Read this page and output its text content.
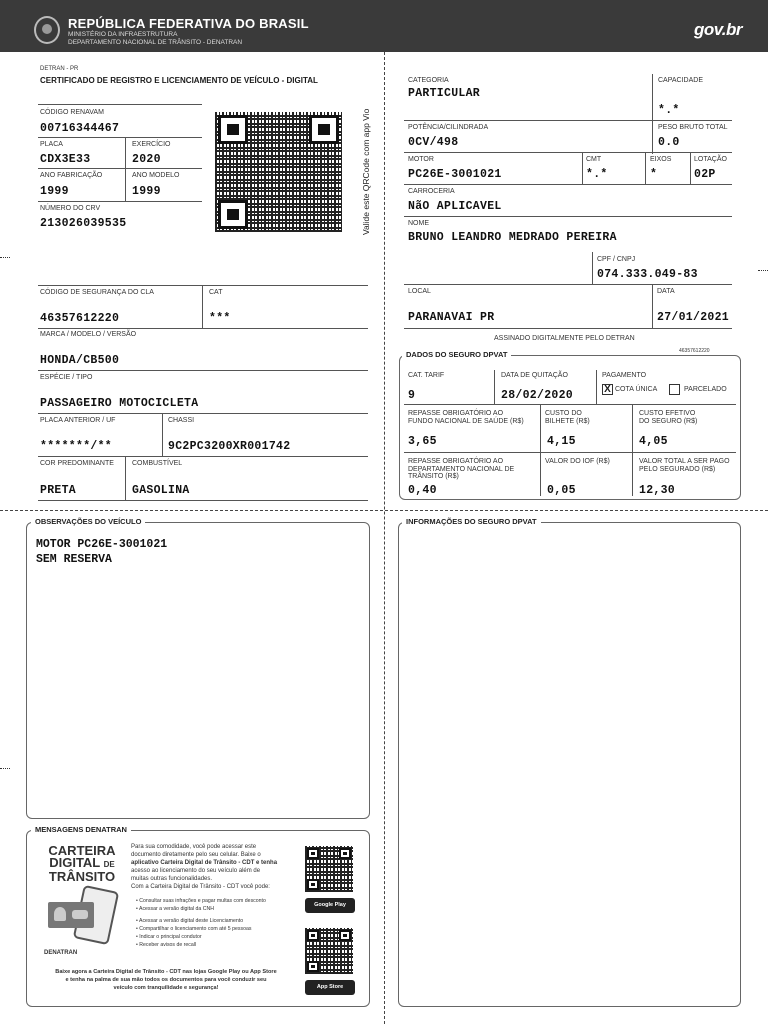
REPÚBLICA FEDERATIVA DO BRASIL
MINISTÉRIO DA INFRAESTRUTURA
DEPARTAMENTO NACIONAL DE TRÂNSITO - DENATRAN
gov.br
DETRAN - PR
CERTIFICADO DE REGISTRO E LICENCIAMENTO DE VEÍCULO - DIGITAL
CÓDIGO RENAVAM
00716344467
PLACA
CDX3E33
EXERCÍCIO
2020
ANO FABRICAÇÃO
1999
ANO MODELO
1999
NÚMERO DO CRV
213026039535	Valide este QRCode com app Vio
CÓDIGO DE SEGURANÇA DO CLA
46357612220
CAT
***
MARCA / MODELO / VERSÃO
HONDA/CB500
ESPÉCIE / TIPO
PASSAGEIRO MOTOCICLETA
PLACA ANTERIOR / UF
*******/**
CHASSI
9C2PC3200XR001742
COR PREDOMINANTE
PRETA
COMBUSTÍVEL
GASOLINA
CATEGORIA
PARTICULAR
CAPACIDADE
*.*
POTÊNCIA/CILINDRADA
0CV/498
PESO BRUTO TOTAL
0.0
MOTOR
PC26E-3001021
CMT
*.*
EIXOS
*
LOTAÇÃO
02P
CARROCERIA
NãO APLICAVEL
NOME
BRUNO LEANDRO MEDRADO PEREIRA
CPF / CNPJ
074.333.049-83
LOCAL
PARANAVAI PR
DATA
27/01/2021
ASSINADO DIGITALMENTE PELO DETRAN
46357612220
DADOS DO SEGURO DPVAT
CAT. TARIF
9
DATA DE QUITAÇÃO
28/02/2020
PAGAMENTO
X COTA ÚNICA	PARCELADO
REPASSE OBRIGATÓRIO AO
FUNDO NACIONAL DE SAÚDE (R$)
3,65
CUSTO DO
BILHETE (R$)
4,15
CUSTO EFETIVO
DO SEGURO (R$)
4,05
REPASSE OBRIGATÓRIO AO
DEPARTAMENTO NACIONAL DE
TRÂNSITO (R$)
0,40
VALOR DO IOF (R$)
0,05
VALOR TOTAL A SER PAGO
PELO SEGURADO (R$)
12,30
OBSERVAÇÕES DO VEÍCULO
MOTOR PC26E-3001021
SEM RESERVA
INFORMAÇÕES DO SEGURO DPVAT
MENSAGENS DENATRAN
CARTEIRA
DIGITAL DE
TRÂNSITO
DENATRAN
Para sua comodidade, você pode acessar este
documento diretamente pelo seu celular. Baixe o
aplicativo Carteira Digital de Trânsito - CDT e tenha
acesso ao licenciamento do seu veículo além de
muitas outras funcionalidades.
Com a Carteira Digital de Trânsito - CDT você pode:
• Consultar suas infrações e pagar multas com desconto
• Acessar a versão digital da CNH
• Acessar a versão digital deste Licenciamento
• Compartilhar o licenciamento com até 5 pessoas
• Indicar o principal condutor
• Receber avisos de recall
Google Play
App Store
Baixe agora a Carteira Digital de Trânsito - CDT nas lojas Google Play ou App Store
e tenha na palma de sua mão todos os documentos para você conduzir seu
veículo com tranquilidade e segurança!
